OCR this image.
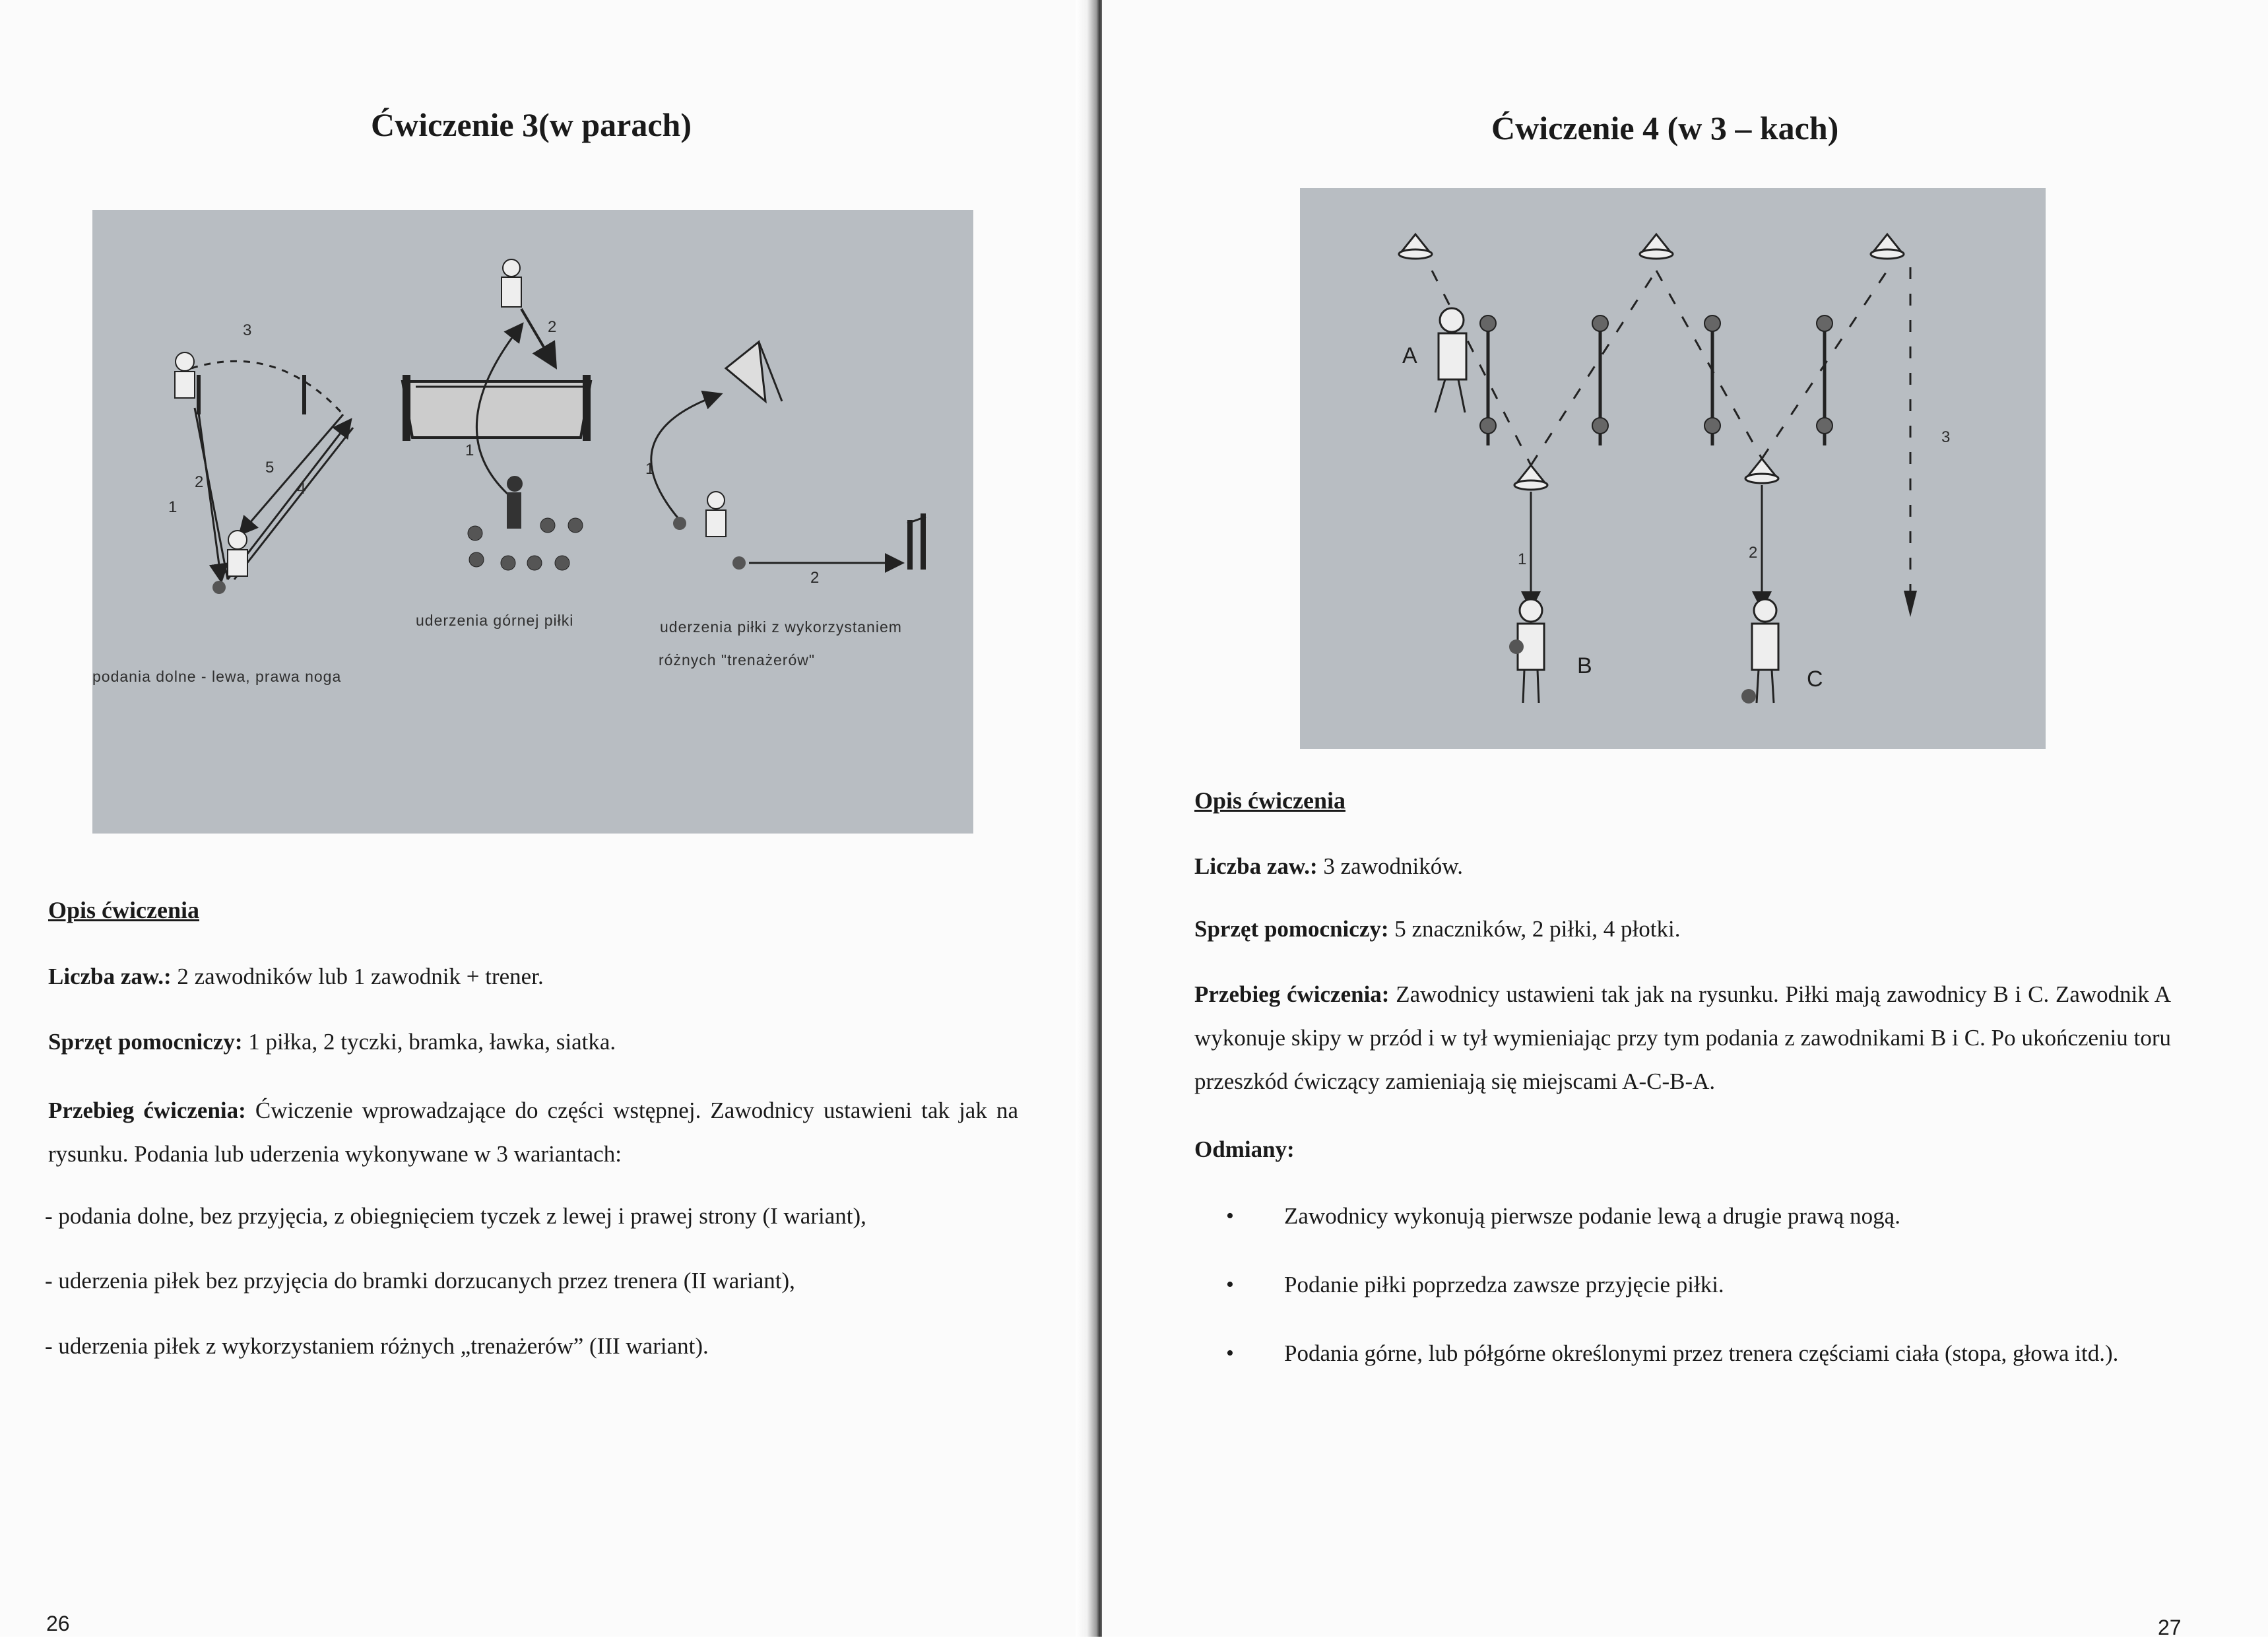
Ćwiczenie 3(w parach)
3
2
1
5
4
2
1
1
2
uderzenia górnej piłki	uderzenia piłki z wykorzystaniem
różnych "trenażerów"
podania dolne - lewa, prawa noga
Opis ćwiczenia
Liczba zaw.: 2 zawodników lub 1 zawodnik + trener.
Sprzęt pomocniczy: 1 piłka, 2 tyczki, bramka, ławka, siatka.
Przebieg ćwiczenia: Ćwiczenie wprowadzające do części wstępnej. Zawodnicy ustawieni tak jak na rysunku. Podania lub uderzenia wykonywane w 3 wariantach:
- podania dolne, bez przyjęcia, z obiegnięciem tyczek z lewej i prawej strony (I wariant),
- uderzenia piłek bez przyjęcia do bramki dorzucanych przez trenera (II wariant),
- uderzenia piłek z wykorzystaniem różnych „trenażerów” (III wariant).
26
Ćwiczenie 4 (w 3 – kach)
A
B
C
1	2
3
Opis ćwiczenia
Liczba zaw.: 3 zawodników.
Sprzęt pomocniczy: 5 znaczników, 2 piłki, 4 płotki.
Przebieg ćwiczenia: Zawodnicy ustawieni tak jak na rysunku. Piłki mają zawodnicy B i C. Zawodnik A wykonuje skipy w przód i w tył wymieniając przy tym podania z zawodnikami B i C. Po ukończeniu toru przeszkód ćwiczący zamieniają się miejscami A-C-B-A.
Odmiany:
• Zawodnicy wykonują pierwsze podanie lewą a drugie prawą nogą.
• Podanie piłki poprzedza zawsze przyjęcie piłki.
• Podania górne, lub półgórne określonymi przez trenera częściami ciała (stopa, głowa itd.).
27
